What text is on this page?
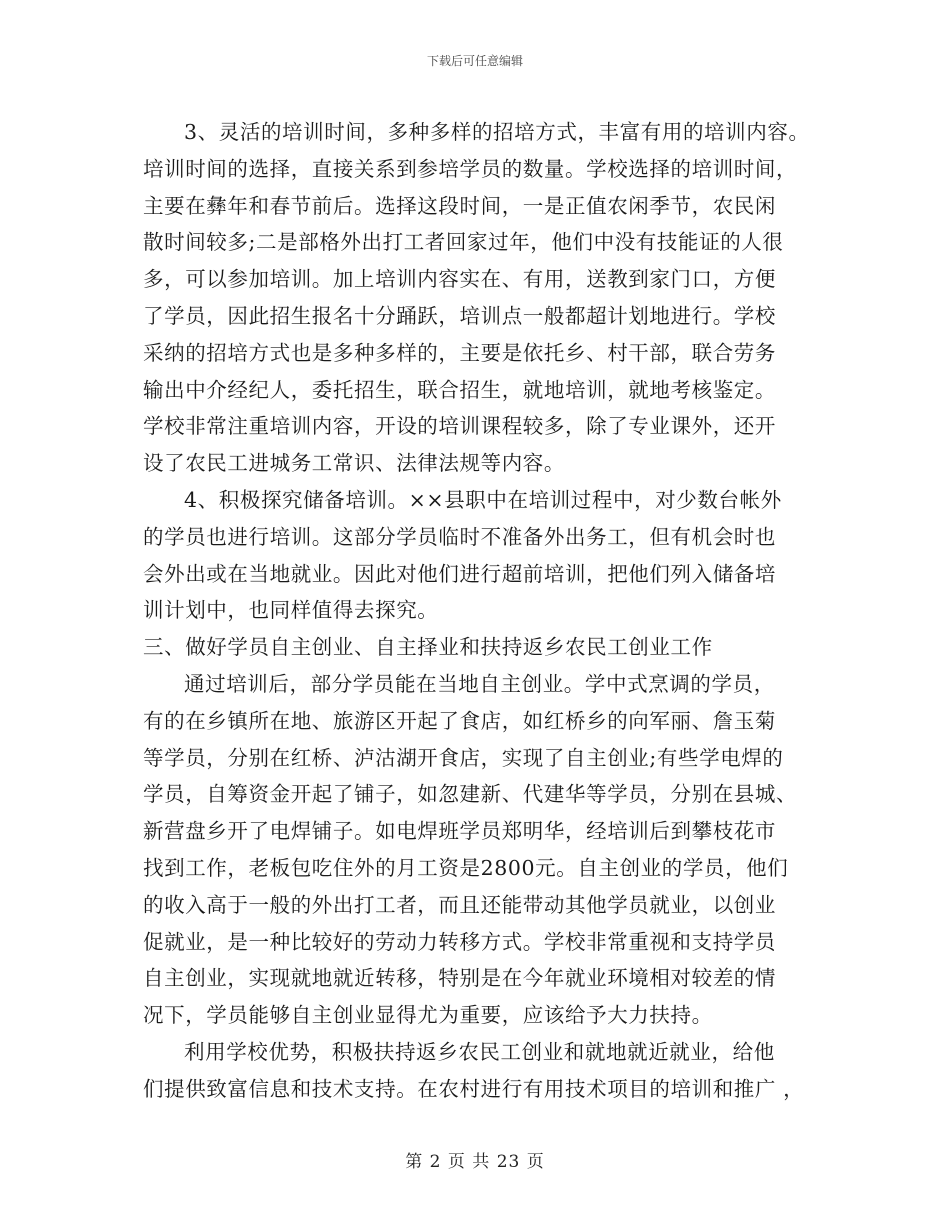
下载后可任意编辑
3、灵活的培训时间，多种多样的招培方式，丰富有用的培训内容。
培训时间的选择，直接关系到参培学员的数量。学校选择的培训时间，
主要在彝年和春节前后。选择这段时间，一是正值农闲季节，农民闲
散时间较多;二是部格外出打工者回家过年，他们中没有技能证的人很
多，可以参加培训。加上培训内容实在、有用，送教到家门口，方便
了学员，因此招生报名十分踊跃，培训点一般都超计划地进行。学校
采纳的招培方式也是多种多样的，主要是依托乡、村干部，联合劳务
输出中介经纪人，委托招生，联合招生，就地培训，就地考核鉴定。
学校非常注重培训内容，开设的培训课程较多，除了专业课外，还开
设了农民工进城务工常识、法律法规等内容。
4、积极探究储备培训。××县职中在培训过程中，对少数台帐外
的学员也进行培训。这部分学员临时不准备外出务工，但有机会时也
会外出或在当地就业。因此对他们进行超前培训，把他们列入储备培
训计划中，也同样值得去探究。
三、做好学员自主创业、自主择业和扶持返乡农民工创业工作
通过培训后，部分学员能在当地自主创业。学中式烹调的学员，
有的在乡镇所在地、旅游区开起了食店，如红桥乡的向军丽、詹玉菊
等学员，分别在红桥、泸沽湖开食店，实现了自主创业;有些学电焊的
学员，自筹资金开起了铺子，如忽建新、代建华等学员，分别在县城、
新营盘乡开了电焊铺子。如电焊班学员郑明华，经培训后到攀枝花市
找到工作，老板包吃住外的月工资是2800元。自主创业的学员，他们
的收入高于一般的外出打工者，而且还能带动其他学员就业，以创业
促就业，是一种比较好的劳动力转移方式。学校非常重视和支持学员
自主创业，实现就地就近转移，特别是在今年就业环境相对较差的情
况下，学员能够自主创业显得尤为重要，应该给予大力扶持。
利用学校优势，积极扶持返乡农民工创业和就地就近就业，给他
们提供致富信息和技术支持。在农村进行有用技术项目的培训和推广 ，
第 2 页 共 23 页
